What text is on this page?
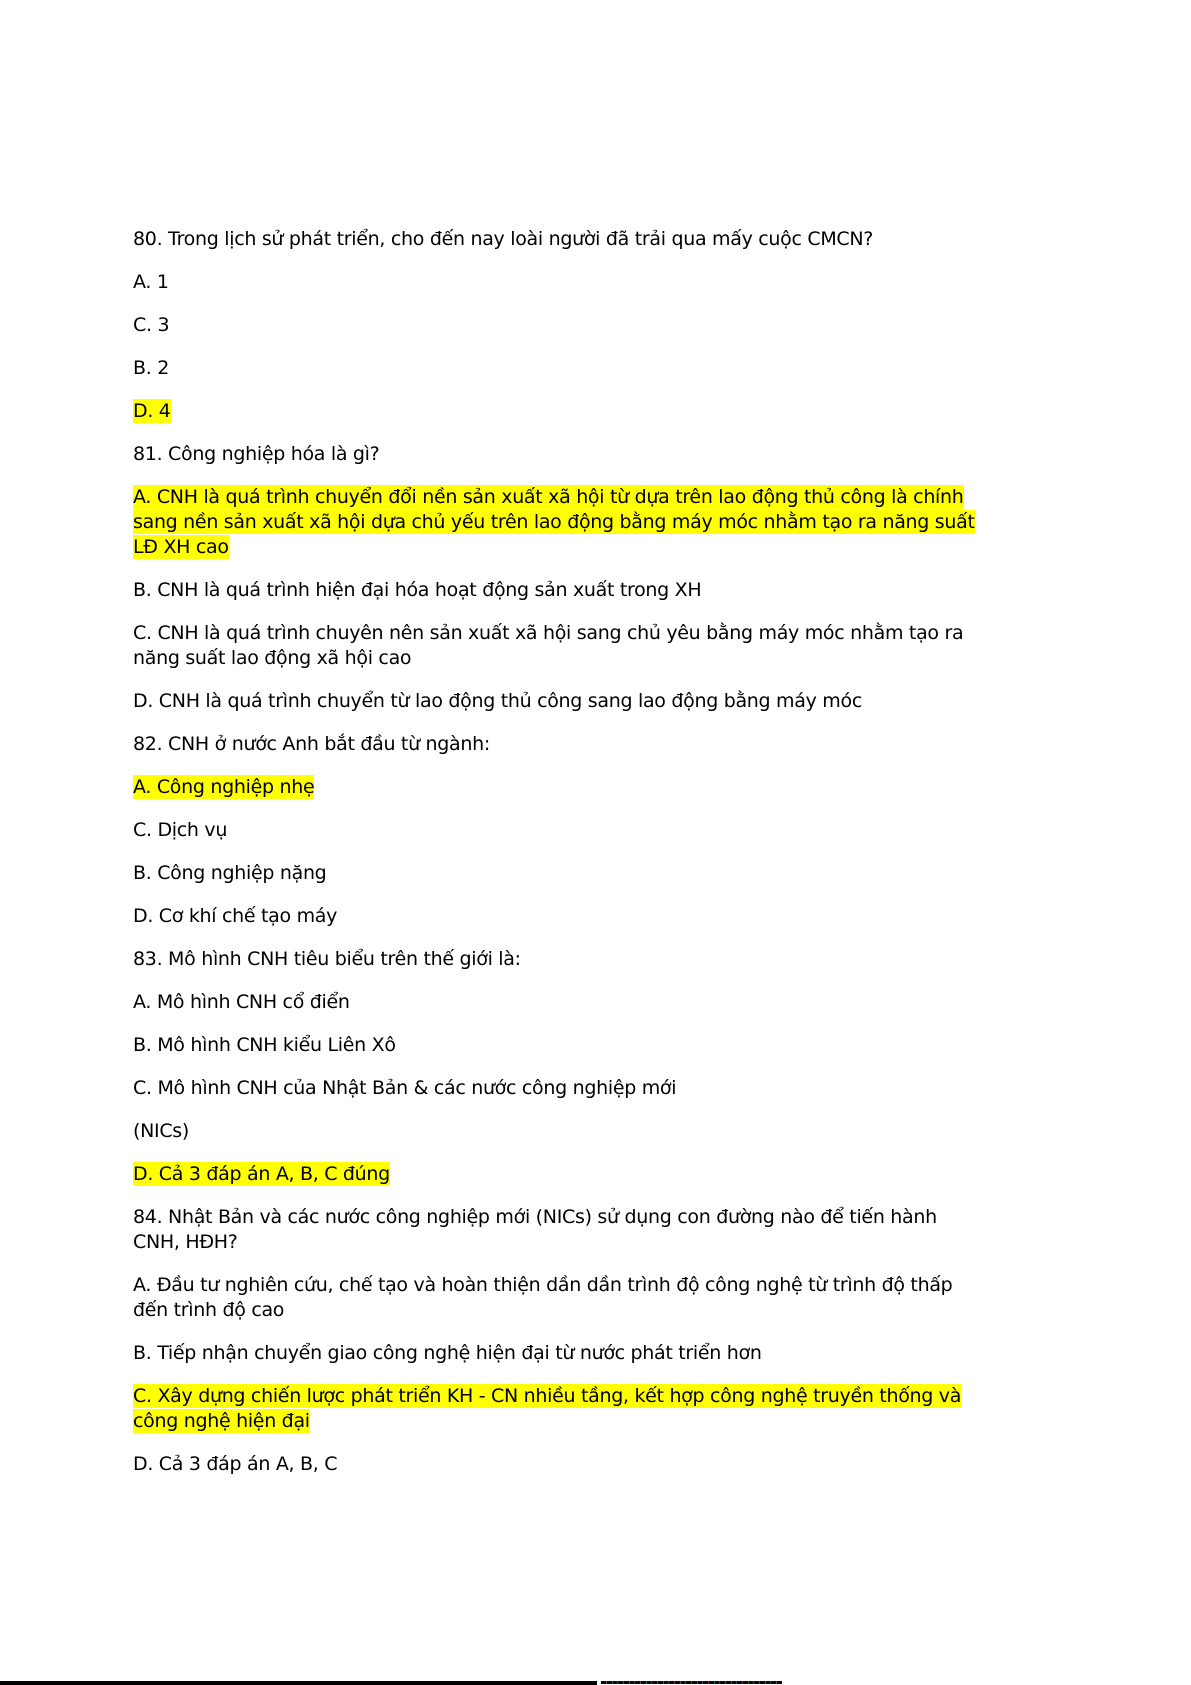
80. Trong lịch sử phát triển, cho đến nay loài người đã trải qua mấy cuộc CMCN?

A. 1

C. 3

B. 2

D. 4

81. Công nghiệp hóa là gì?

A. CNH là quá trình chuyển đổi nền sản xuất xã hội từ dựa trên lao động thủ công là chính sang nền sản xuất xã hội dựa chủ yếu trên lao động bằng máy móc nhằm tạo ra năng suất LĐ XH cao

B. CNH là quá trình hiện đại hóa hoạt động sản xuất trong XH

C. CNH là quá trình chuyên nên sản xuất xã hội sang chủ yêu bằng máy móc nhằm tạo ra năng suất lao động xã hội cao

D. CNH là quá trình chuyển từ lao động thủ công sang lao động bằng máy móc

82. CNH ở nước Anh bắt đầu từ ngành:

A. Công nghiệp nhẹ

C. Dịch vụ

B. Công nghiệp nặng

D. Cơ khí chế tạo máy

83. Mô hình CNH tiêu biểu trên thế giới là:

A. Mô hình CNH cổ điển

B. Mô hình CNH kiểu Liên Xô

C. Mô hình CNH của Nhật Bản & các nước công nghiệp mới

(NICs)

D. Cả 3 đáp án A, B, C đúng

84. Nhật Bản và các nước công nghiệp mới (NICs) sử dụng con đường nào để tiến hành CNH, HĐH?

A. Đầu tư nghiên cứu, chế tạo và hoàn thiện dần dần trình độ công nghệ từ trình độ thấp đến trình độ cao

B. Tiếp nhận chuyển giao công nghệ hiện đại từ nước phát triển hơn

C. Xây dựng chiến lược phát triển KH - CN nhiều tầng, kết hợp công nghệ truyền thống và công nghệ hiện đại

D. Cả 3 đáp án A, B, C
